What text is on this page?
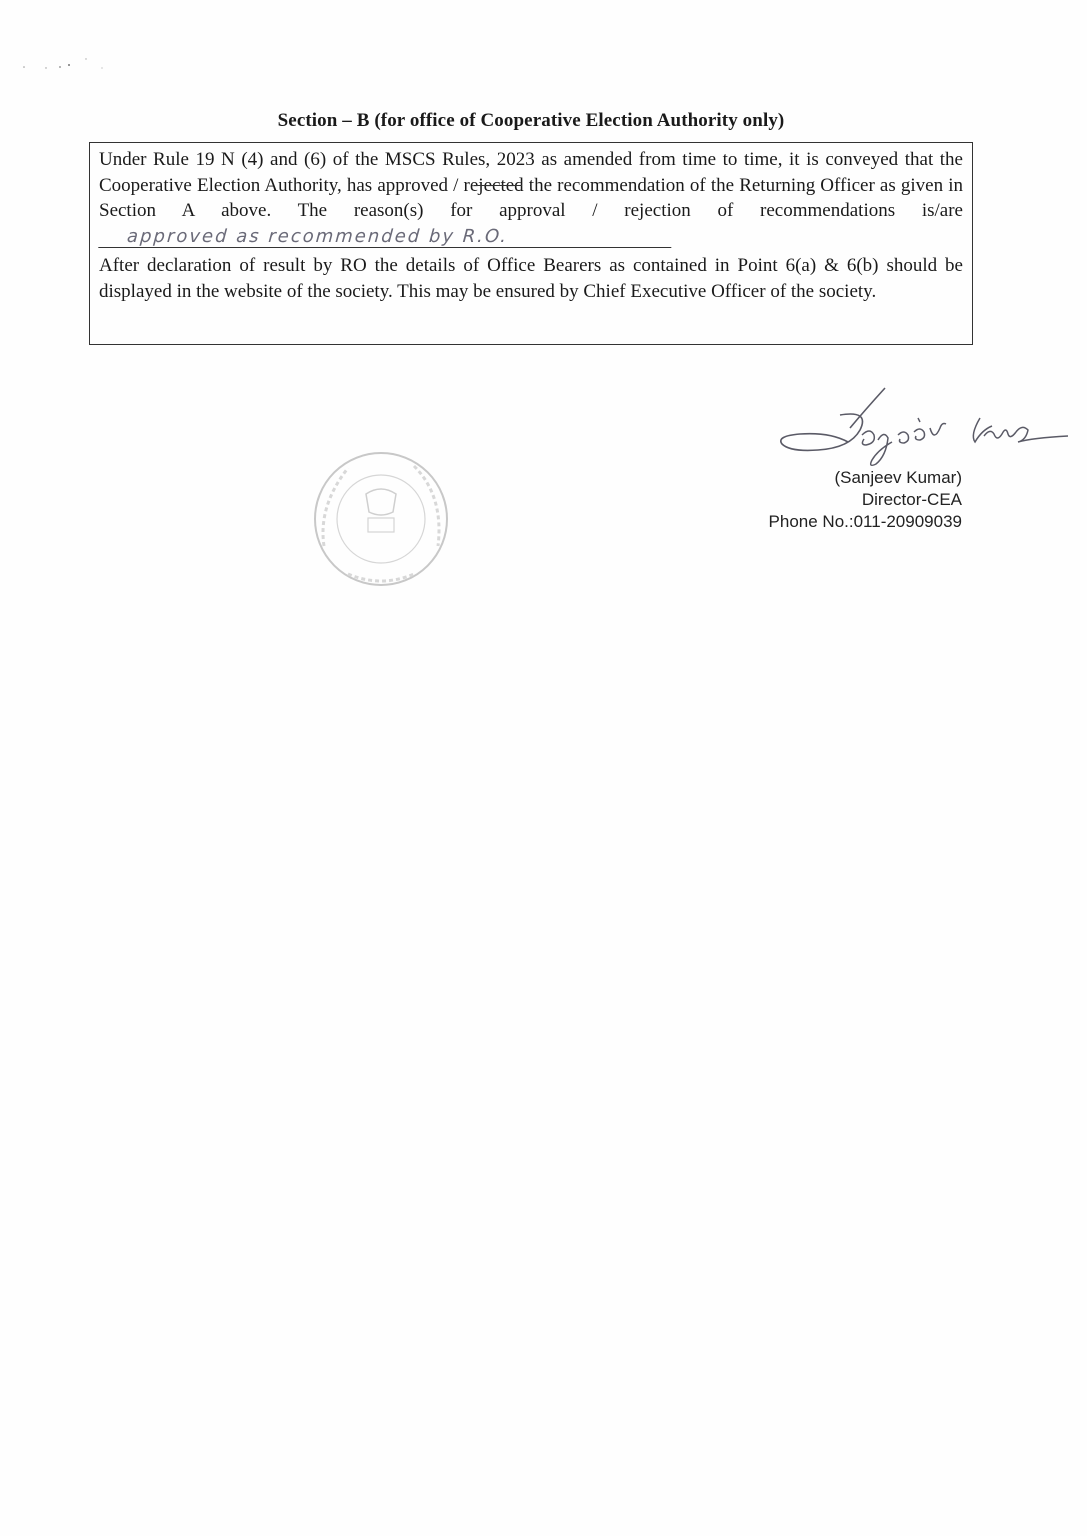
Section – B (for office of Cooperative Election Authority only)

Under Rule 19 N (4) and (6) of the MSCS Rules, 2023 as amended from time to time, it is conveyed that the Cooperative Election Authority, has approved / rejected the recommendation of the Returning Officer as given in Section A above. The reason(s) for approval / rejection of recommendations is/are approved as recommended by R.O.

After declaration of result by RO the details of Office Bearers as contained in Point 6(a) & 6(b) should be displayed in the website of the society. This may be ensured by Chief Executive Officer of the society.

Sanjeev Kumar
(Sanjeev Kumar)
Director-CEA
Phone No.:011-20909039
